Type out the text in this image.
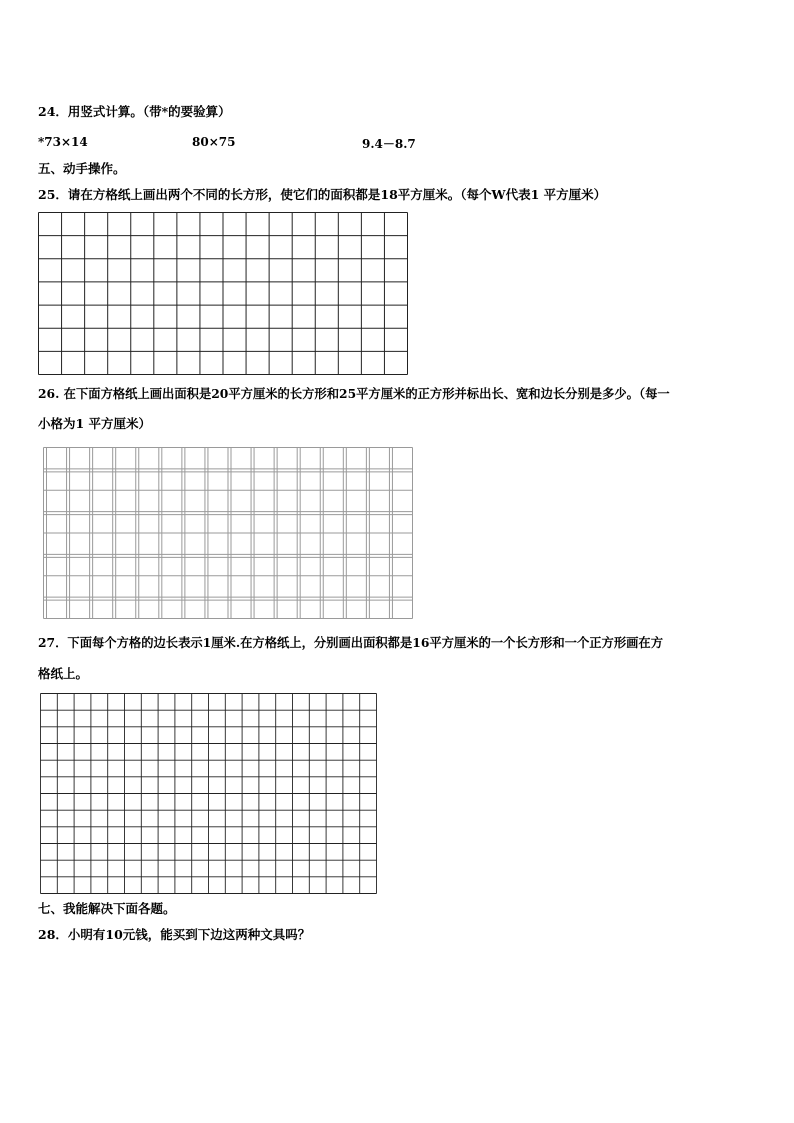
24．用竖式计算。（带*的要验算）
*73×14	80×75	9.4－8.7
五、动手操作。
25．请在方格纸上画出两个不同的长方形，使它们的面积都是18平方厘米。（每个W代表1 平方厘米）
26. 在下面方格纸上画出面积是20平方厘米的长方形和25平方厘米的正方形并标出长、宽和边长分别是多少。（每一
小格为1 平方厘米）
27．下面每个方格的边长表示1厘米.在方格纸上，分别画出面积都是16平方厘米的一个长方形和一个正方形画在方
格纸上。
七、我能解决下面各题。
28．小明有10元钱，能买到下边这两种文具吗？
